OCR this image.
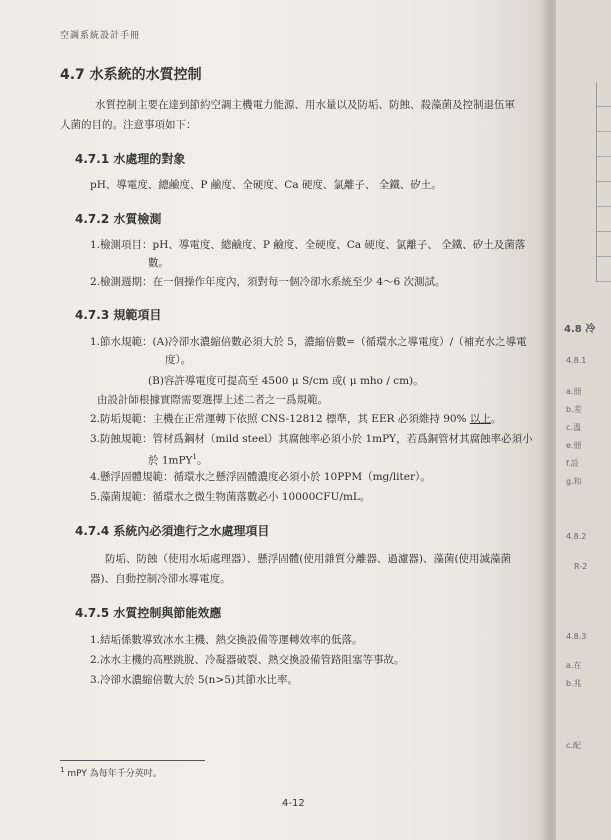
空調系統設計手冊
4.7 水系統的水質控制
水質控制主要在達到節約空調主機電力能源、用水量以及防垢、防蝕、殺藻菌及控制退伍軍
人菌的目的。注意事項如下：
4.7.1 水處理的對象
pH、導電度、總鹼度、P 鹼度、全硬度、Ca 硬度、氯離子、 全鐵、矽土。
4.7.2 水質檢測
1.檢測項目：pH、導電度、總鹼度、P 鹼度、全硬度、Ca 硬度、氯離子、 全鐵、矽土及菌落
數。
2.檢測週期：在一個操作年度內，須對每一個冷卻水系統至少 4～6 次測試。
4.7.3 規範項目
1.節水規範：(A)冷卻水濃縮倍數必須大於 5，濃縮倍數=（循環水之導電度）/（補充水之導電
度）。
(B)容許導電度可提高至 4500 μ S/cm 或( μ mho / cm)。
由設計師根據實際需要選擇上述二者之一爲規範。
2.防垢規範：主機在正常運轉下依照 CNS-12812 標準，其 EER 必須維持 90% 以上。
3.防蝕規範：管材爲鋼材（mild steel）其腐蝕率必須小於 1mPY，若爲銅管材其腐蝕率必須小
於 1mPY$^1$。
4.懸浮固體規範：循環水之懸浮固體濃度必須小於 10PPM（mg/liter）。
5.藻菌規範：循環水之微生物菌落數必小 10000CFU/mL。
4.7.4 系統內必須進行之水處理項目
防垢、防蝕（使用水垢處理器）、懸浮固體(使用雜質分離器、過濾器)、藻菌(使用滅藻菌
器)、自動控制冷卻水導電度。
4.7.5 水質控制與節能效應
1.結垢係數導致冰水主機、熱交換設備等運轉效率的低落。
2.冰水主機的高壓跳脫、冷凝器破裂、熱交換設備管路阻塞等事故。
3.冷卻水濃縮倍數大於 5(n>5)其節水比率。
$^1$ mPY 為每年千分英吋。
4-12
4.8 冷
4.8.1
a.冊
b.差
c.溫
e.冊
f.設
g.和
4.8.2
R-2
4.8.3
a.在
b.兆
c.配
